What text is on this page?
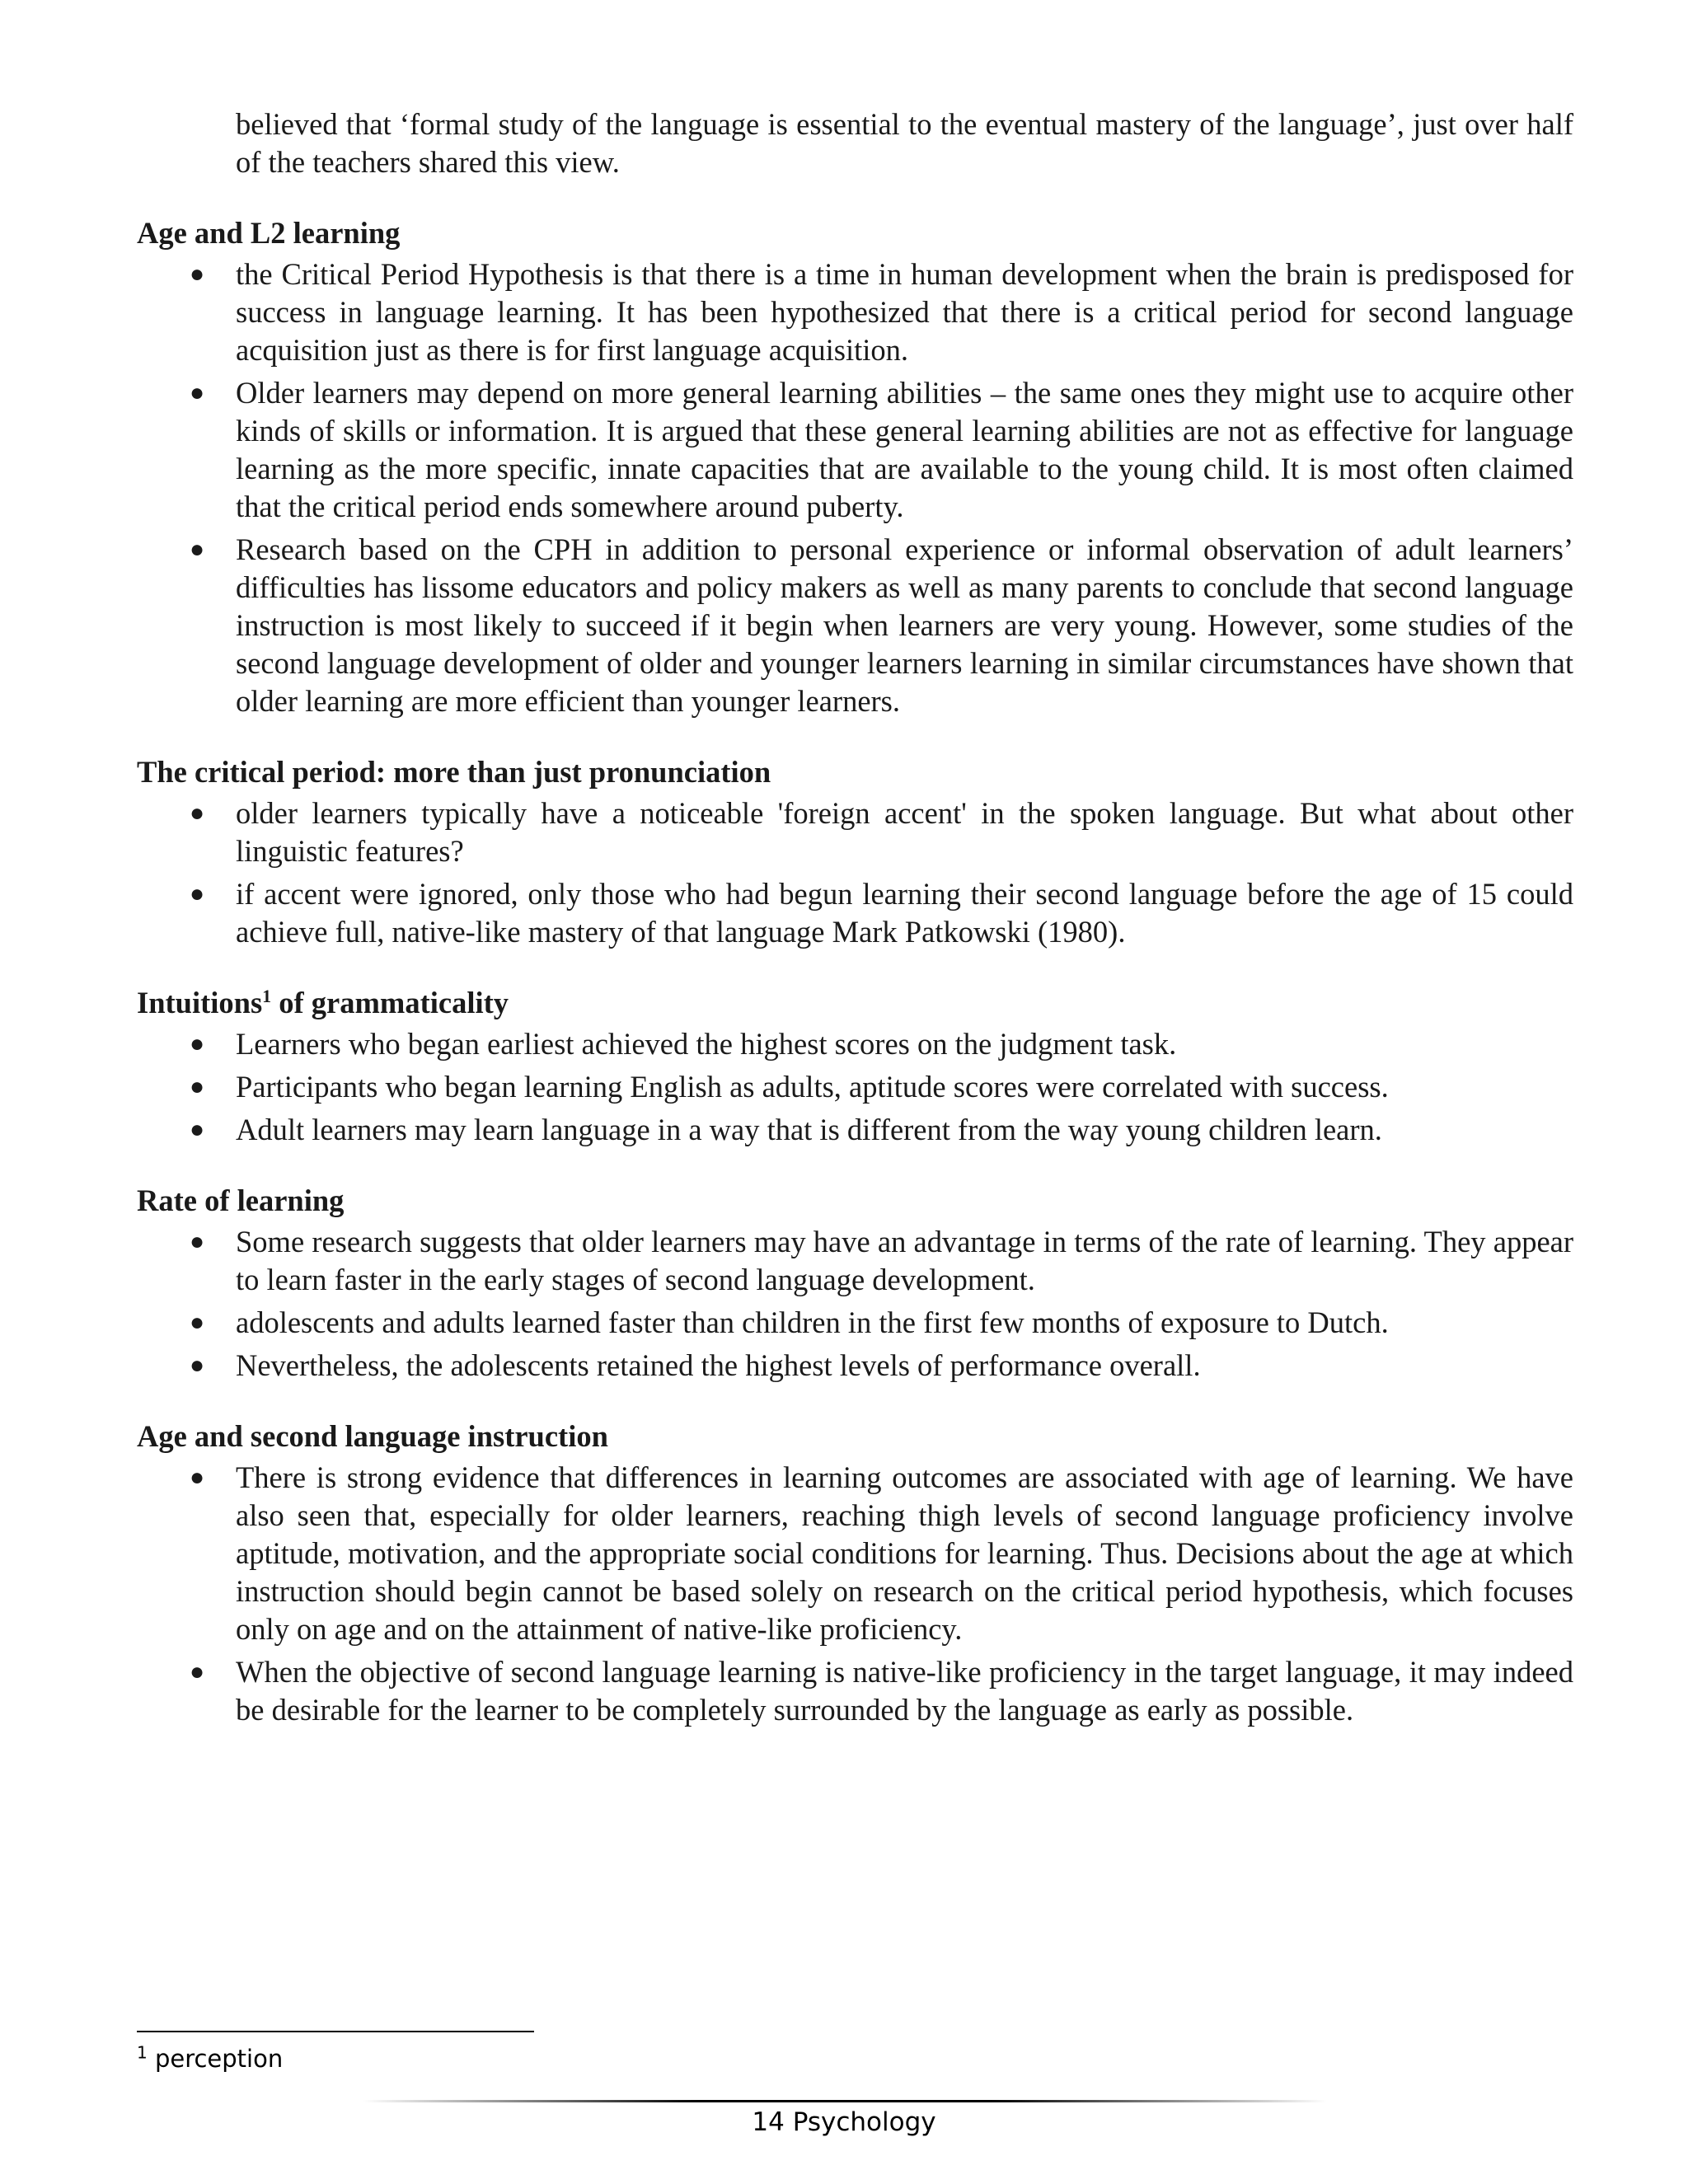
believed that ‘formal study of the language is essential to the eventual mastery of the language’, just over half of the teachers shared this view.

Age and L2 learning
● the Critical Period Hypothesis is that there is a time in human development when the brain is predisposed for success in language learning. It has been hypothesized that there is a critical period for second language acquisition just as there is for first language acquisition.
● Older learners may depend on more general learning abilities – the same ones they might use to acquire other kinds of skills or information. It is argued that these general learning abilities are not as effective for language learning as the more specific, innate capacities that are available to the young child. It is most often claimed that the critical period ends somewhere around puberty.
● Research based on the CPH in addition to personal experience or informal observation of adult learners’ difficulties has lissome educators and policy makers as well as many parents to conclude that second language instruction is most likely to succeed if it begin when learners are very young. However, some studies of the second language development of older and younger learners learning in similar circumstances have shown that older learning are more efficient than younger learners.
The critical period: more than just pronunciation
● older learners typically have a noticeable 'foreign accent' in the spoken language. But what about other linguistic features?
● if accent were ignored, only those who had begun learning their second language before the age of 15 could achieve full, native-like mastery of that language Mark Patkowski (1980).
Intuitions$^1$ of grammaticality
● Learners who began earliest achieved the highest scores on the judgment task.
● Participants who began learning English as adults, aptitude scores were correlated with success.
● Adult learners may learn language in a way that is different from the way young children learn.
Rate of learning
● Some research suggests that older learners may have an advantage in terms of the rate of learning. They appear to learn faster in the early stages of second language development.
● adolescents and adults learned faster than children in the first few months of exposure to Dutch.
● Nevertheless, the adolescents retained the highest levels of performance overall.
Age and second language instruction
● There is strong evidence that differences in learning outcomes are associated with age of learning. We have also seen that, especially for older learners, reaching thigh levels of second language proficiency involve aptitude, motivation, and the appropriate social conditions for learning. Thus. Decisions about the age at which instruction should begin cannot be based solely on research on the critical period hypothesis, which focuses only on age and on the attainment of native-like proficiency.
● When the objective of second language learning is native-like proficiency in the target language, it may indeed be desirable for the learner to be completely surrounded by the language as early as possible.
$^1$ perception
14 Psychology
